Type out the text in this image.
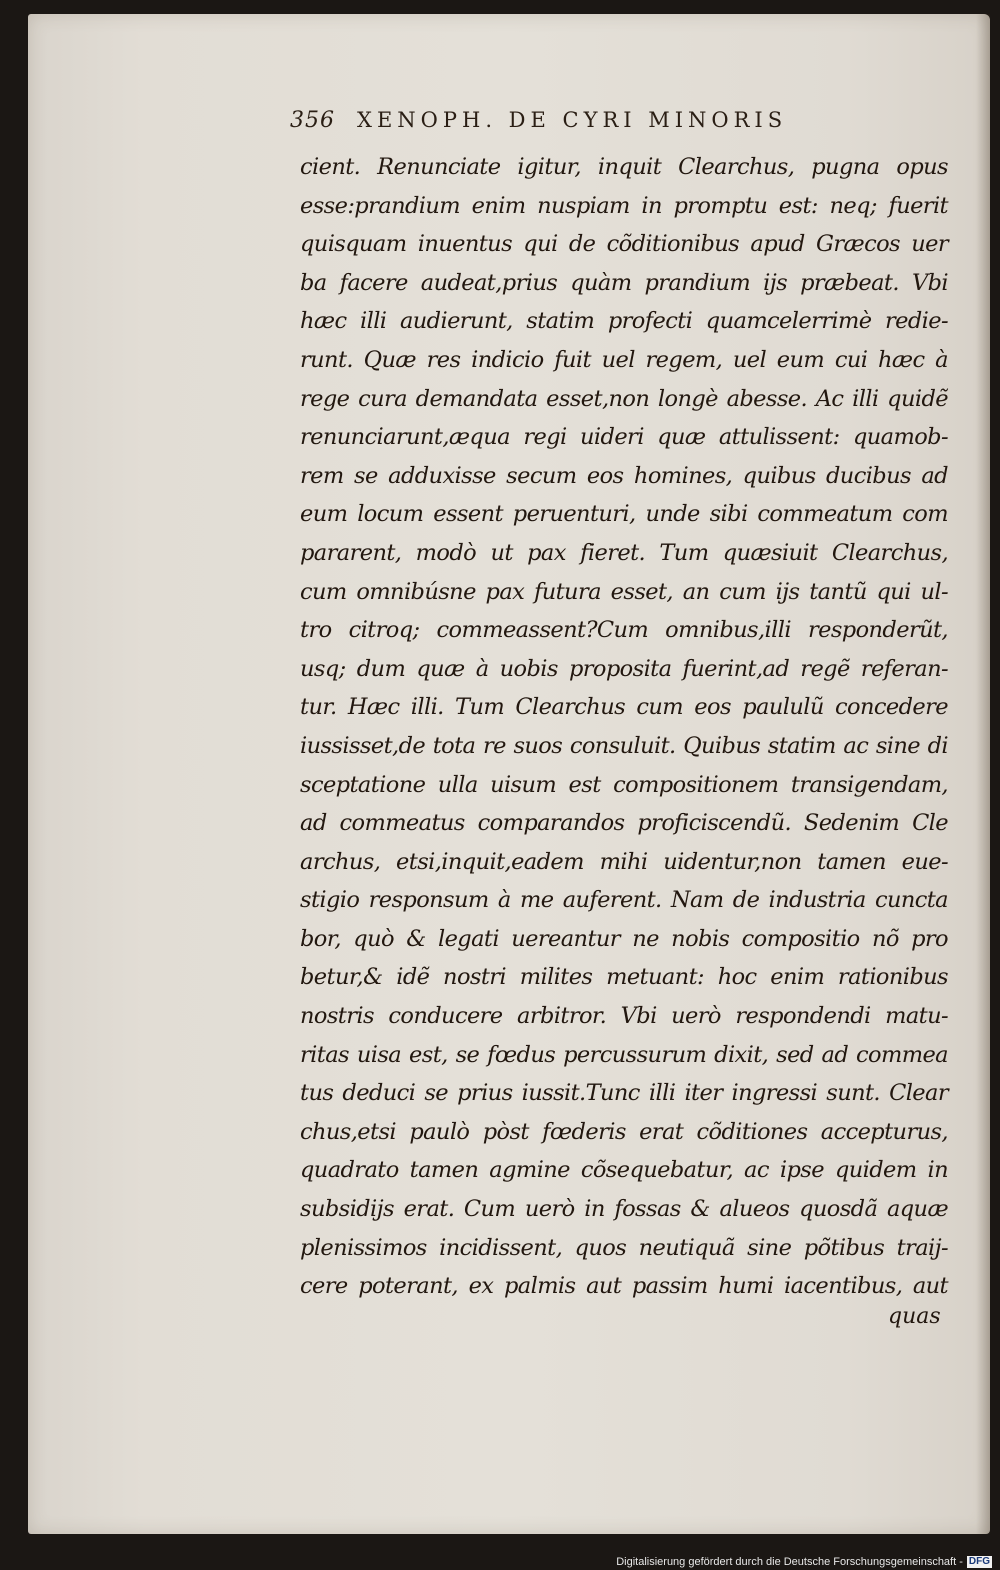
356 XENOPH. DE CYRI MINORIS
cient. Renunciate igitur, inquit Clearchus, pugna opus
esse:prandium enim nuspiam in promptu est: neq; fuerit
quisquam inuentus qui de cõditionibus apud Græcos uer
ba facere audeat,prius quàm prandium ijs præbeat. Vbi
hæc illi audierunt, statim profecti quamcelerrimè redie-
runt. Quæ res indicio fuit uel regem, uel eum cui hæc à
rege cura demandata esset,non longè abesse. Ac illi quidẽ
renunciarunt,æqua regi uideri quæ attulissent: quamob-
rem se adduxisse secum eos homines, quibus ducibus ad
eum locum essent peruenturi, unde sibi commeatum com
pararent, modò ut pax fieret. Tum quæsiuit Clearchus,
cum omnibúsne pax futura esset, an cum ijs tantũ qui ul-
tro citroq; commeassent?Cum omnibus,illi responderũt,
usq; dum quæ à uobis proposita fuerint,ad regẽ referan-
tur. Hæc illi. Tum Clearchus cum eos paululũ concedere
iussisset,de tota re suos consuluit. Quibus statim ac sine di
sceptatione ulla uisum est compositionem transigendam,
ad commeatus comparandos proficiscendũ. Sedenim Cle
archus, etsi,inquit,eadem mihi uidentur,non tamen eue-
stigio responsum à me auferent. Nam de industria cuncta
bor, quò & legati uereantur ne nobis compositio nõ pro
betur,& idẽ nostri milites metuant: hoc enim rationibus
nostris conducere arbitror. Vbi uerò respondendi matu-
ritas uisa est, se fœdus percussurum dixit, sed ad commea
tus deduci se prius iussit.Tunc illi iter ingressi sunt. Clear
chus,etsi paulò pòst fœderis erat cõditiones accepturus,
quadrato tamen agmine cõsequebatur, ac ipse quidem in
subsidijs erat. Cum uerò in fossas & alueos quosdã aquæ
plenissimos incidissent, quos neutiquã sine põtibus traij-
cere poterant, ex palmis aut passim humi iacentibus, aut
quas
Digitalisierung gefördert durch die Deutsche Forschungsgemeinschaft - DFG
